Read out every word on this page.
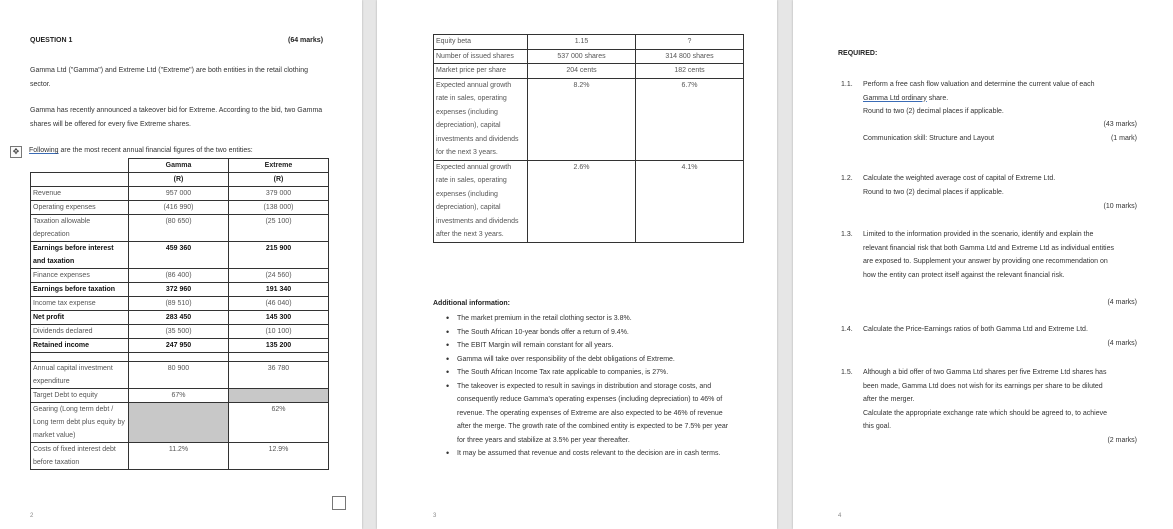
QUESTION 1	(64 marks)
Gamma Ltd ("Gamma") and Extreme Ltd ("Extreme") are both entities in the retail clothing sector.
Gamma has recently announced a takeover bid for Extreme. According to the bid, two Gamma shares will be offered for every five Extreme shares.
✥	Following are the most recent annual financial figures of the two entities:
	Gamma	Extreme
	(R)	(R)
Revenue	957 000	379 000
Operating expenses	(416 990)	(138 000)
Taxation allowable deprecation	(80 650)	(25 100)
Earnings before interest and taxation	459 360	215 900
Finance expenses	(86 400)	(24 560)
Earnings before taxation	372 960	191 340
Income tax expense	(89 510)	(46 040)
Net profit	283 450	145 300
Dividends declared	(35 500)	(10 100)
Retained income	247 950	135 200

Annual capital investment expenditure	80 900	36 780
Target Debt to equity	67%	
Gearing (Long term debt / Long term debt plus equity by market value)		62%
Costs of fixed interest debt before taxation	11.2%	12.9%
2
Equity beta	1.15	?
Number of issued shares	537 000 shares	314 800 shares
Market price per share	204 cents	182 cents
Expected annual growth rate in sales, operating expenses (including depreciation), capital investments and dividends for the next 3 years.	8.2%	6.7%
Expected annual growth rate in sales, operating expenses (including depreciation), capital investments and dividends after the next 3 years.	2.6%	4.1%
Additional information:
• The market premium in the retail clothing sector is 3.8%.
• The South African 10-year bonds offer a return of 9.4%.
• The EBIT Margin will remain constant for all years.
• Gamma will take over responsibility of the debt obligations of Extreme.
• The South African Income Tax rate applicable to companies, is 27%.
• The takeover is expected to result in savings in distribution and storage costs, and consequently reduce Gamma's operating expenses (including depreciation) to 46% of revenue. The operating expenses of Extreme are also expected to be 46% of revenue after the merge. The growth rate of the combined entity is expected to be 7.5% per year for three years and stabilize at 3.5% per year thereafter.
• It may be assumed that revenue and costs relevant to the decision are in cash terms.
3
REQUIRED:
1.1. Perform a free cash flow valuation and determine the current value of each Gamma Ltd ordinary share.
Round to two (2) decimal places if applicable.
(43 marks)
Communication skill: Structure and Layout	(1 mark)
1.2. Calculate the weighted average cost of capital of Extreme Ltd.
Round to two (2) decimal places if applicable.
(10 marks)
1.3. Limited to the information provided in the scenario, identify and explain the relevant financial risk that both Gamma Ltd and Extreme Ltd as individual entities are exposed to. Supplement your answer by providing one recommendation on how the entity can protect itself against the relevant financial risk.
(4 marks)
1.4. Calculate the Price-Earnings ratios of both Gamma Ltd and Extreme Ltd.
(4 marks)
1.5. Although a bid offer of two Gamma Ltd shares per five Extreme Ltd shares has been made, Gamma Ltd does not wish for its earnings per share to be diluted after the merger.
Calculate the appropriate exchange rate which should be agreed to, to achieve this goal.
(2 marks)
4
